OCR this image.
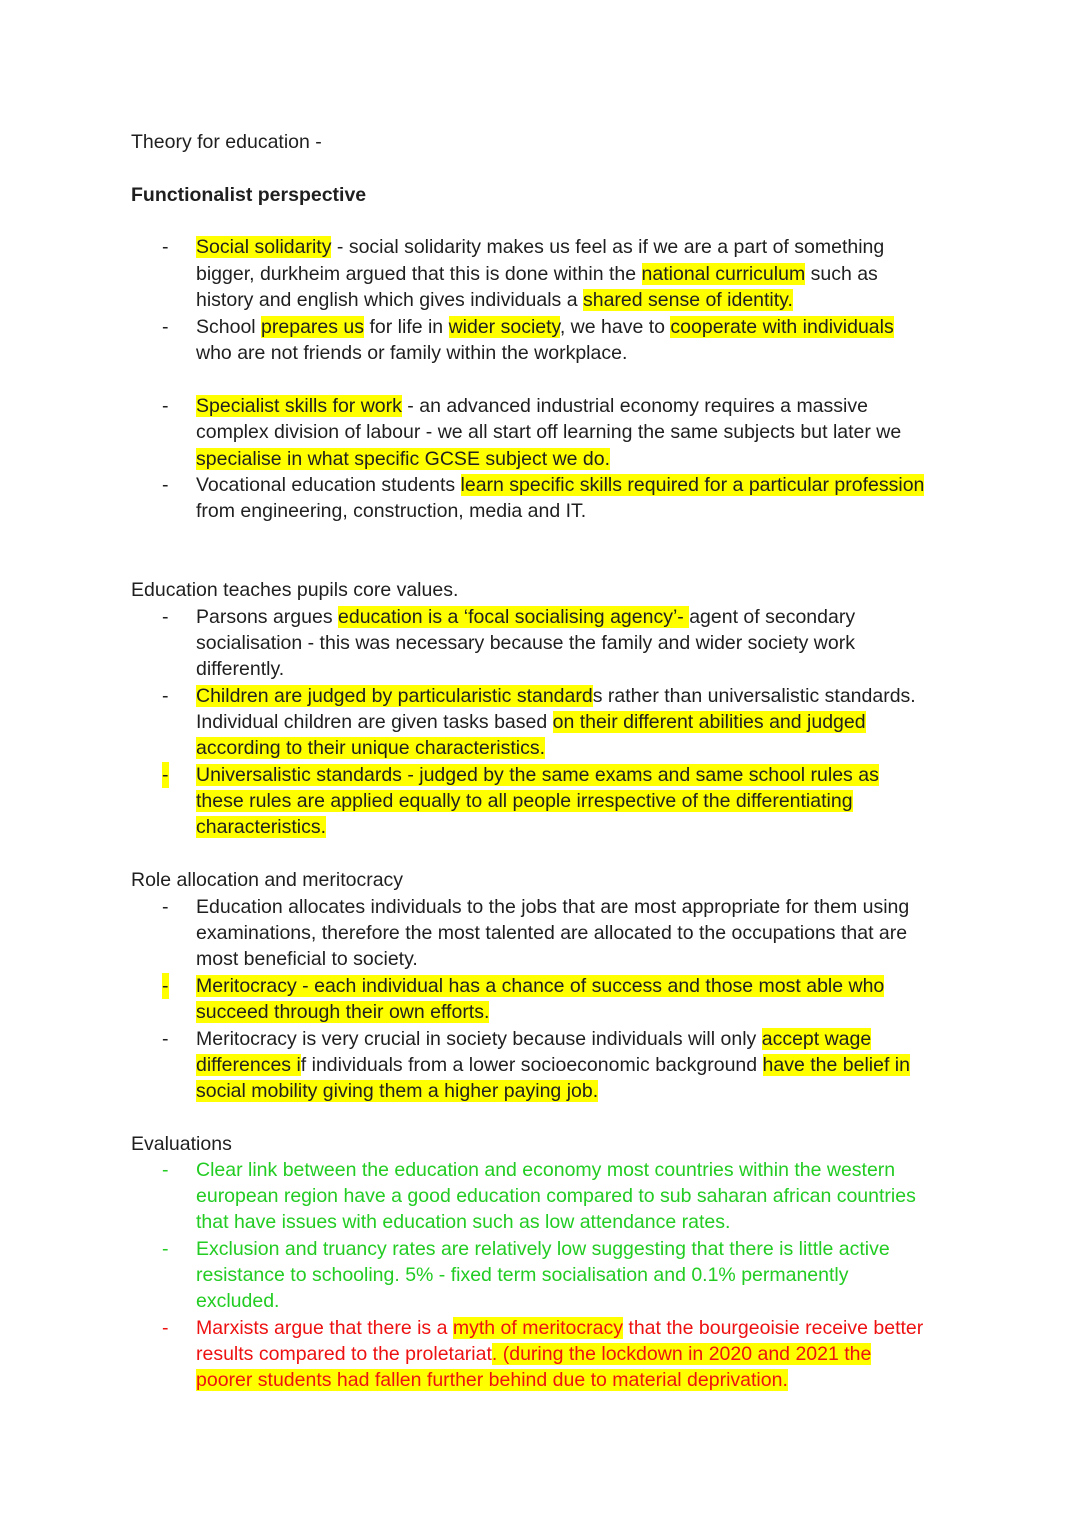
Theory for education -
Functionalist perspective
- Social solidarity - social solidarity makes us feel as if we are a part of something
bigger, durkheim argued that this is done within the national curriculum such as
history and english which gives individuals a shared sense of identity.
- School prepares us for life in wider society, we have to cooperate with individuals
who are not friends or family within the workplace.
- Specialist skills for work - an advanced industrial economy requires a massive
complex division of labour - we all start off learning the same subjects but later we
specialise in what specific GCSE subject we do.
- Vocational education students learn specific skills required for a particular profession
from engineering, construction, media and IT.
Education teaches pupils core values.
- Parsons argues education is a ‘focal socialising agency’- agent of secondary
socialisation - this was necessary because the family and wider society work
differently.
- Children are judged by particularistic standards rather than universalistic standards.
Individual children are given tasks based on their different abilities and judged
according to their unique characteristics.
- Universalistic standards - judged by the same exams and same school rules as
these rules are applied equally to all people irrespective of the differentiating
characteristics.
Role allocation and meritocracy
- Education allocates individuals to the jobs that are most appropriate for them using
examinations, therefore the most talented are allocated to the occupations that are
most beneficial to society.
- Meritocracy - each individual has a chance of success and those most able who
succeed through their own efforts.
- Meritocracy is very crucial in society because individuals will only accept wage
differences if individuals from a lower socioeconomic background have the belief in
social mobility giving them a higher paying job.
Evaluations
- Clear link between the education and economy most countries within the western
european region have a good education compared to sub saharan african countries
that have issues with education such as low attendance rates.
- Exclusion and truancy rates are relatively low suggesting that there is little active
resistance to schooling. 5% - fixed term socialisation and 0.1% permanently
excluded.
- Marxists argue that there is a myth of meritocracy that the bourgeoisie receive better
results compared to the proletariat. (during the lockdown in 2020 and 2021 the
poorer students had fallen further behind due to material deprivation.
